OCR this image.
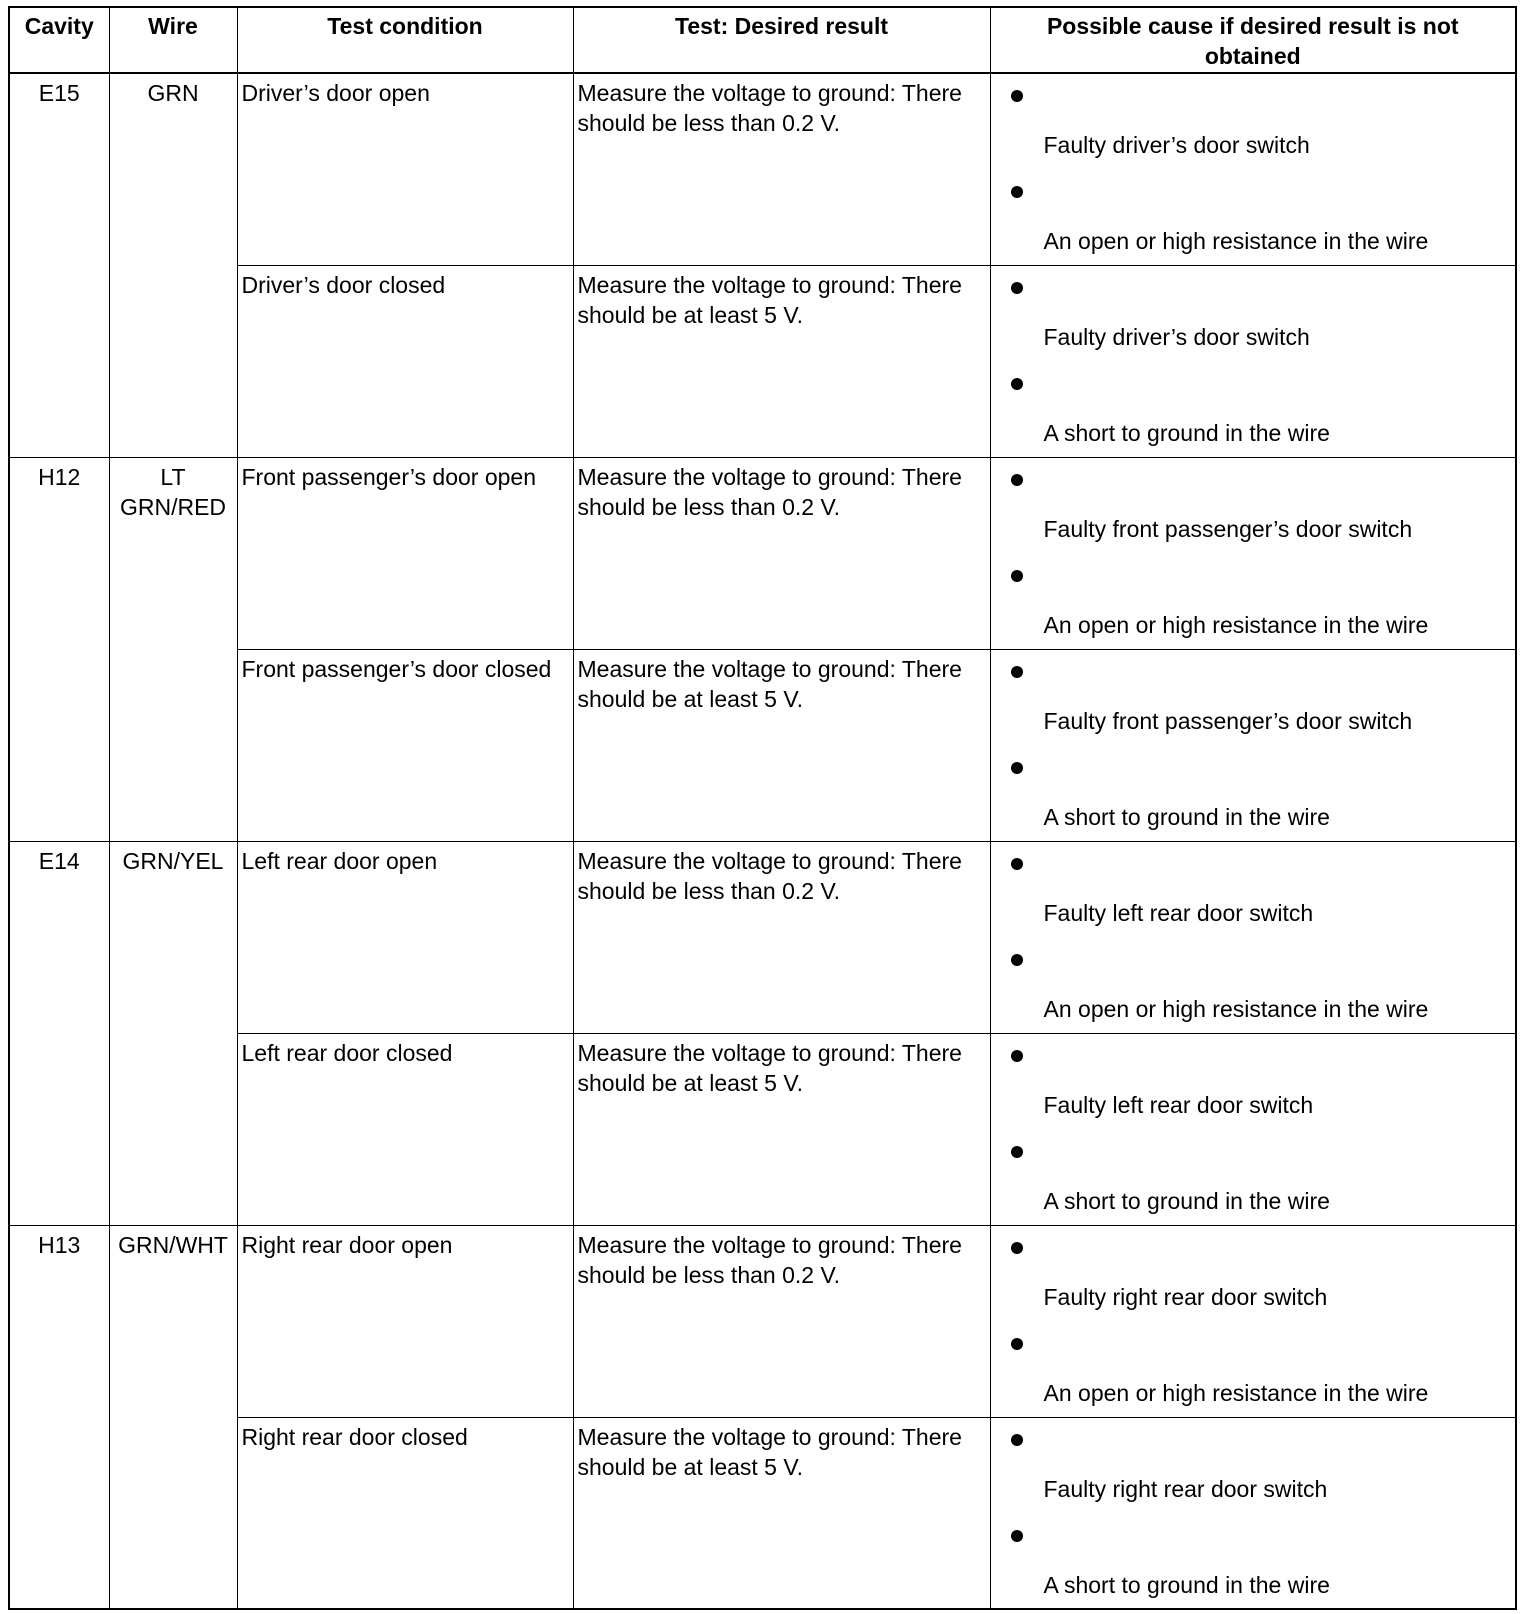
Cavity	Wire	Test condition	Test: Desired result	Possible cause if desired result is not obtained
E15	GRN	Driver’s door open	Measure the voltage to ground: There should be less than 0.2 V.	Faulty driver’s door switch
An open or high resistance in the wire

		Driver’s door closed	Measure the voltage to ground: There should be at least 5 V.	Faulty driver’s door switch
A short to ground in the wire

H12	LT GRN/RED	Front passenger’s door open	Measure the voltage to ground: There should be less than 0.2 V.	Faulty front passenger’s door switch
An open or high resistance in the wire

		Front passenger’s door closed	Measure the voltage to ground: There should be at least 5 V.	Faulty front passenger’s door switch
A short to ground in the wire

E14	GRN/YEL	Left rear door open	Measure the voltage to ground: There should be less than 0.2 V.	Faulty left rear door switch
An open or high resistance in the wire

		Left rear door closed	Measure the voltage to ground: There should be at least 5 V.	Faulty left rear door switch
A short to ground in the wire

H13	GRN/WHT	Right rear door open	Measure the voltage to ground: There should be less than 0.2 V.	Faulty right rear door switch
An open or high resistance in the wire

		Right rear door closed	Measure the voltage to ground: There should be at least 5 V.	Faulty right rear door switch
A short to ground in the wire
